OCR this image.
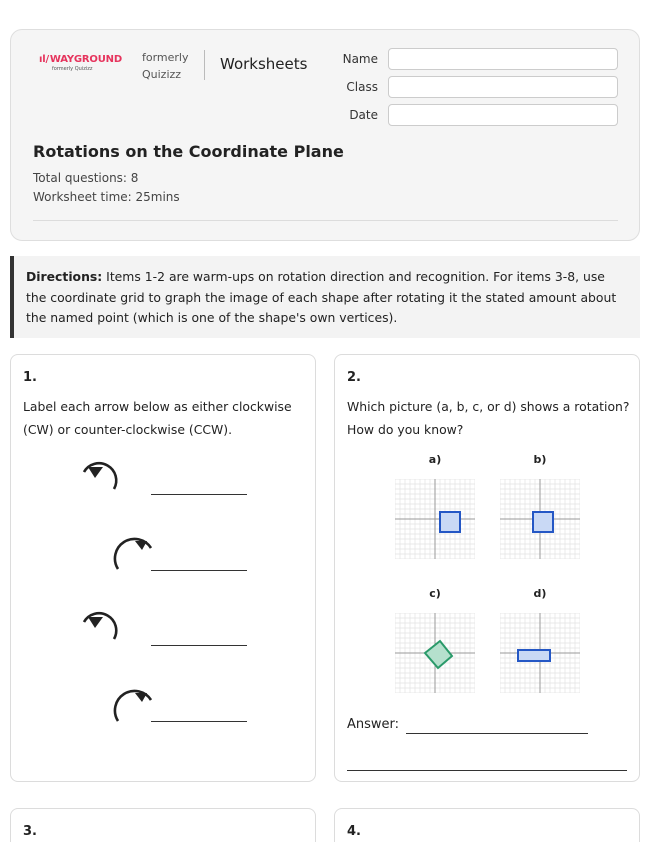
ıl/WAYGROUND
formerly Quizizz
formerly
Quizizz
Worksheets	Name
Class
Date
Rotations on the Coordinate Plane
Total questions: 8
Worksheet time: 25mins
Directions: Items 1-2 are warm-ups on rotation direction and recognition. For items 3-8, use the coordinate grid to graph the image of each shape after rotating it the stated amount about the named point (which is one of the shape's own vertices).
1.
Label each arrow below as either clockwise (CW) or counter-clockwise (CCW).
2.
Which picture (a, b, c, or d) shows a rotation? How do you know?
a)	b)
c)	d)
Answer:
3.	4.
